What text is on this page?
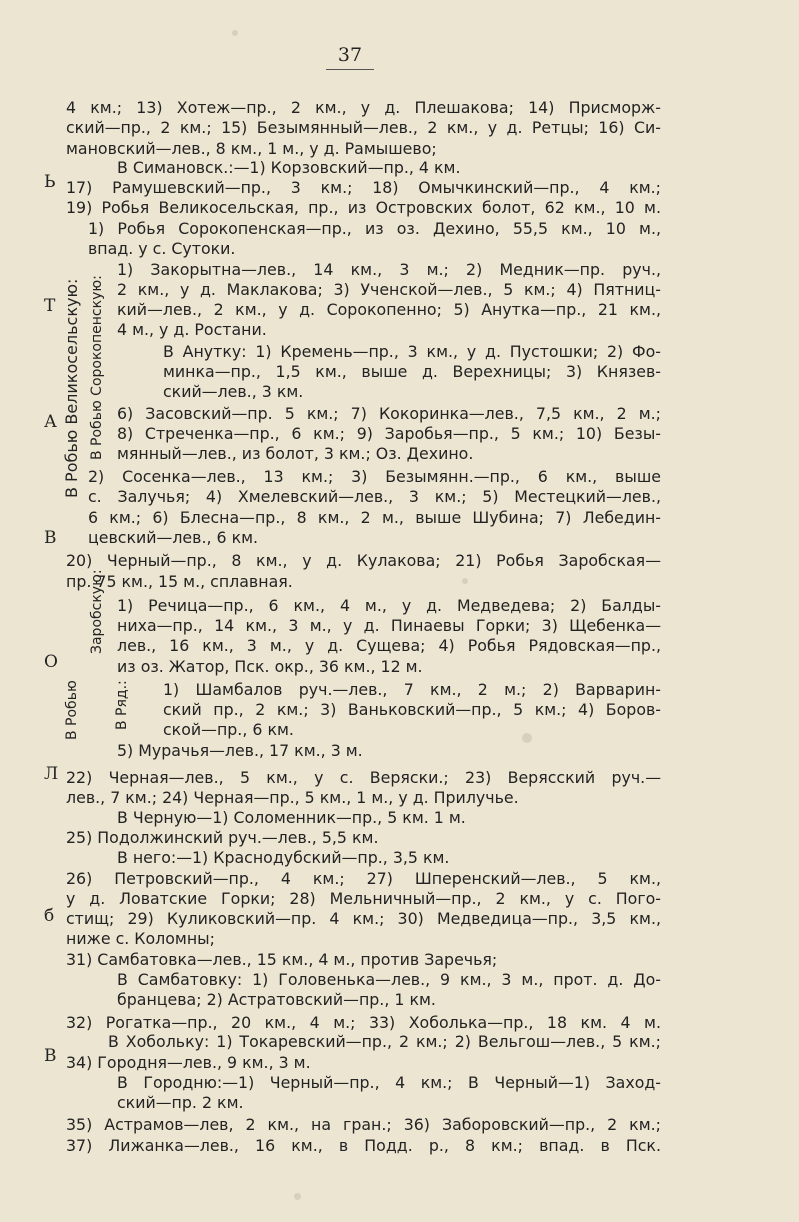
37
4 км.; 13) Хотеж—пр., 2 км., у д. Плешакова; 14) Присморж-
ский—пр., 2 км.; 15) Безымянный—лев., 2 км., у д. Ретцы; 16) Си-
мановский—лев., 8 км., 1 м., у д. Рамышево;
В Симановск.:—1) Корзовский—пр., 4 км.
17) Рамушевский—пр., 3 км.; 18) Омычкинский—пр., 4 км.;
19) Робья Великосельская, пр., из Островских болот, 62 км., 10 м.
1) Робья Сорокопенская—пр., из оз. Дехино, 55,5 км., 10 м.,
впад. у с. Сутоки.
1) Закорытна—лев., 14 км., 3 м.; 2) Медник—пр. руч.,
2 км., у д. Маклакова; 3) Ученской—лев., 5 км.; 4) Пятниц-
кий—лев., 2 км., у д. Сорокопенно; 5) Анутка—пр., 21 км.,
4 м., у д. Ростани.
В Анутку: 1) Кремень—пр., 3 км., у д. Пустошки; 2) Фо-
минка—пр., 1,5 км., выше д. Верехницы; 3) Князев-
ский—лев., 3 км.
6) Засовский—пр. 5 км.; 7) Кокоринка—лев., 7,5 км., 2 м.;
8) Стреченка—пр., 6 км.; 9) Заробья—пр., 5 км.; 10) Безы-
мянный—лев., из болот, 3 км.; Оз. Дехино.
2) Сосенка—лев., 13 км.; 3) Безымянн.—пр., 6 км., выше
с. Залучья; 4) Хмелевский—лев., 3 км.; 5) Местецкий—лев.,
6 км.; 6) Блесна—пр., 8 км., 2 м., выше Шубина; 7) Лебедин-
цевский—лев., 6 км.
20) Черный—пр., 8 км., у д. Кулакова; 21) Робья Заробская—
пр. 75 км., 15 м., сплавная.
1) Речица—пр., 6 км., 4 м., у д. Медведева; 2) Балды-
ниха—пр., 14 км., 3 м., у д. Пинаевы Горки; 3) Щебенка—
лев., 16 км., 3 м., у д. Сущева; 4) Робья Рядовская—пр.,
из оз. Жатор, Пск. окр., 36 км., 12 м.
1) Шамбалов руч.—лев., 7 км., 2 м.; 2) Варварин-
ский пр., 2 км.; 3) Ваньковский—пр., 5 км.; 4) Боров-
ской—пр., 6 км.
5) Мурачья—лев., 17 км., 3 м.
22) Черная—лев., 5 км., у с. Веряски.; 23) Верясский руч.—
лев., 7 км.; 24) Черная—пр., 5 км., 1 м., у д. Прилучье.
В Черную—1) Соломенник—пр., 5 км. 1 м.
25) Подолжинский руч.—лев., 5,5 км.
В него:—1) Краснодубский—пр., 3,5 км.
26) Петровский—пр., 4 км.; 27) Шперенский—лев., 5 км.,
у д. Ловатские Горки; 28) Мельничный—пр., 2 км., у с. Пого-
стищ; 29) Куликовский—пр. 4 км.; 30) Медведица—пр., 3,5 км.,
ниже с. Коломны;
31) Самбатовка—лев., 15 км., 4 м., против Заречья;
В Самбатовку: 1) Головенька—лев., 9 км., 3 м., прот. д. До-
бранцева; 2) Астратовский—пр., 1 км.
32) Рогатка—пр., 20 км., 4 м.; 33) Хоболька—пр., 18 км. 4 м.
В Хобольку: 1) Токаревский—пр., 2 км.; 2) Вельгош—лев., 5 км.;
34) Городня—лев., 9 км., 3 м.
В Городню:—1) Черный—пр., 4 км.; В Черный—1) Заход-
ский—пр. 2 км.
35) Астрамов—лев, 2 км., на гран.; 36) Заборовский—пр., 2 км.;
37) Лижанка—лев., 16 км., в Подд. р., 8 км.; впад. в Пск.
В Робью Великосельскую: В Робью Сорокопенскую:
В Робью
Заробскую:
В Ряд.:
Ь
Т
А
В
О
Л
б
В
